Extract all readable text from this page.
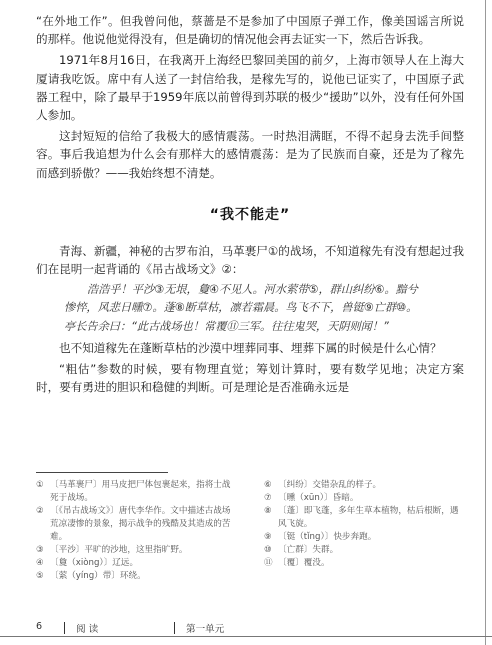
“在外地工作”。但我曾问他，蔡蔷是不是参加了中国原子弹工作，像美国谣言所说的那样。他说他觉得没有，但是确切的情况他会再去证实一下，然后告诉我。

1971年8月16日，在我离开上海经巴黎回美国的前夕，上海市领导人在上海大厦请我吃饭。席中有人送了一封信给我，是稼先写的，说他已证实了，中国原子武器工程中，除了最早于1959年底以前曾得到苏联的极少“援助”以外，没有任何外国人参加。

这封短短的信给了我极大的感情震荡。一时热泪满眶，不得不起身去洗手间整容。事后我追想为什么会有那样大的感情震荡：是为了民族而自豪，还是为了稼先而感到骄傲？——我始终想不清楚。

“我不能走”

青海、新疆，神秘的古罗布泊，马革裹尸①的战场，不知道稼先有没有想起过我们在昆明一起背诵的《吊古战场文》②：

浩浩乎！平沙③无垠，敻④不见人。河水萦带⑤，群山纠纷⑥。黯兮
惨悴，风悲日曛⑦。蓬⑧断草枯，凛若霜晨。鸟飞不下，兽铤⑨亡群⑩。
亭长告余曰：“此古战场也！常覆⑪三军。往往鬼哭，天阴则闻！”

也不知道稼先在蓬断草枯的沙漠中埋葬同事、埋葬下属的时候是什么心情？

“粗估”参数的时候，要有物理直觉；筹划计算时，要有数学见地；决定方案时，要有勇进的胆识和稳健的判断。可是理论是否准确永远是

① 〔马革裹尸〕用马皮把尸体包裹起来，指将士战死于战场。
② 〔《吊古战场文》〕唐代李华作。文中描述古战场荒凉凄惨的景象，揭示战争的残酷及其造成的苦难。
③ 〔平沙〕平旷的沙地，这里指旷野。
④ 〔敻（xiòng）〕辽远。
⑤ 〔萦（yíng）带〕环绕。
⑥ 〔纠纷〕交错杂乱的样子。
⑦ 〔曛（xūn）〕昏暗。
⑧ 〔蓬〕即飞蓬，多年生草本植物，枯后根断，遇风飞旋。
⑨ 〔铤（tǐng）〕快步奔跑。
⑩ 〔亡群〕失群。
⑪ 〔覆〕覆没。
6	阅 读	第一单元
